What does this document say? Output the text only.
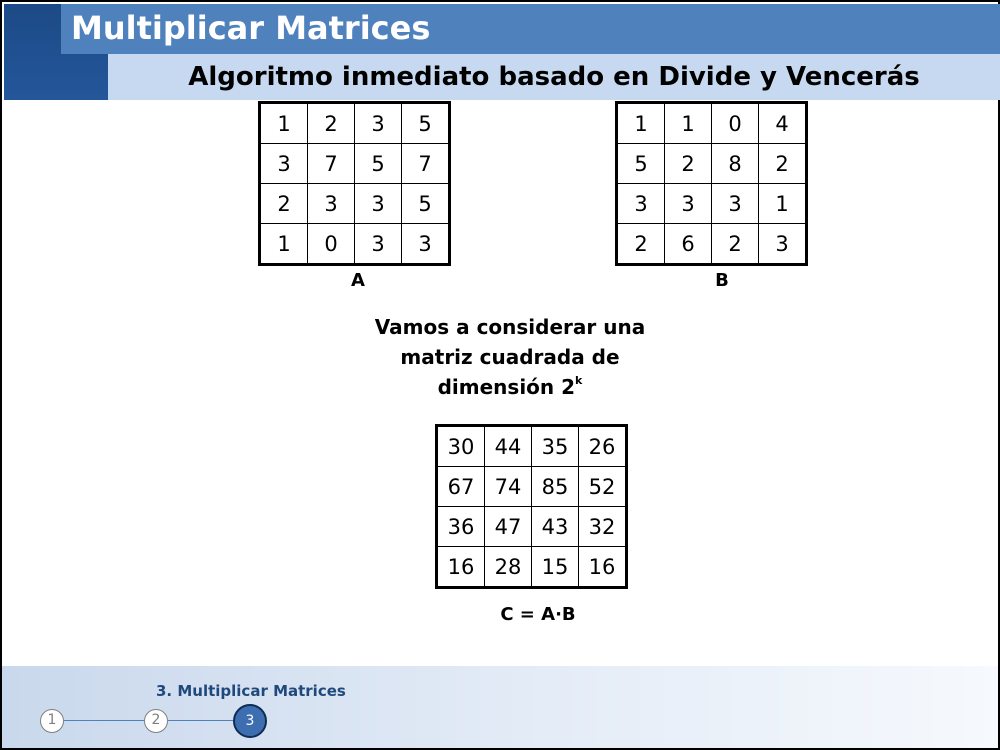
Multiplicar Matrices
Algoritmo inmediato basado en Divide y Vencerás
1	2	3	5
3	7	5	7
2	3	3	5
1	0	3	3
A
1	1	0	4
5	2	8	2
3	3	3	1
2	6	2	3
B
Vamos a considerar una
matriz cuadrada de
dimensión 2$^k$
30	44	35	26
67	74	85	52
36	47	43	32
16	28	15	16
C = A·B
3. Multiplicar Matrices
1	2	3
